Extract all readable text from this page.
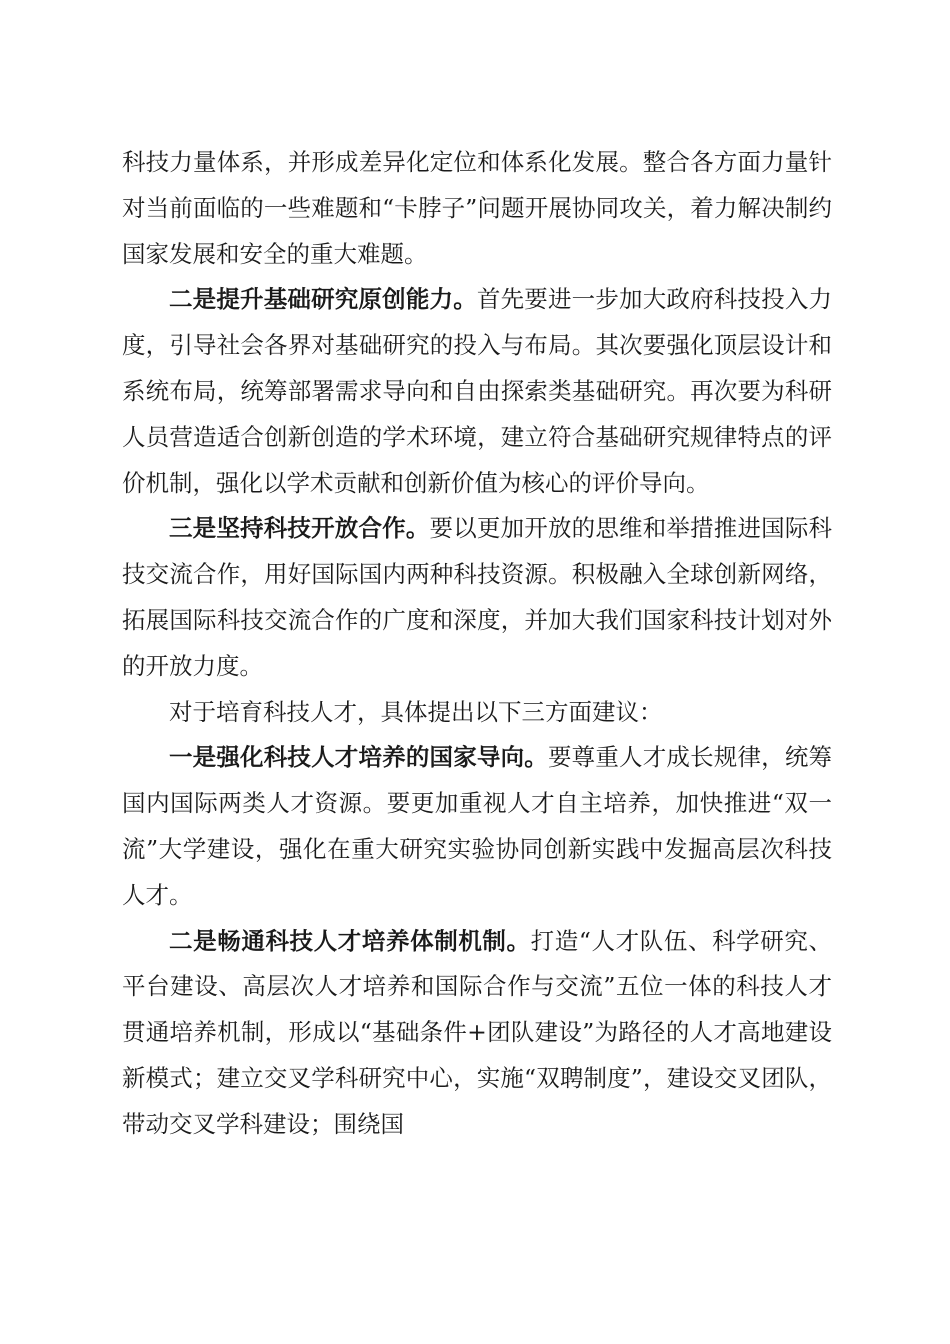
科技力量体系，并形成差异化定位和体系化发展。整合各方面力量针对当前面临的一些难题和“卡脖子”问题开展协同攻关，着力解决制约国家发展和安全的重大难题。

二是提升基础研究原创能力。首先要进一步加大政府科技投入力度，引导社会各界对基础研究的投入与布局。其次要强化顶层设计和系统布局，统筹部署需求导向和自由探索类基础研究。再次要为科研人员营造适合创新创造的学术环境，建立符合基础研究规律特点的评价机制，强化以学术贡献和创新价值为核心的评价导向。

三是坚持科技开放合作。要以更加开放的思维和举措推进国际科技交流合作，用好国际国内两种科技资源。积极融入全球创新网络，拓展国际科技交流合作的广度和深度，并加大我们国家科技计划对外的开放力度。

对于培育科技人才，具体提出以下三方面建议：

一是强化科技人才培养的国家导向。要尊重人才成长规律，统筹国内国际两类人才资源。要更加重视人才自主培养，加快推进“双一流”大学建设，强化在重大研究实验协同创新实践中发掘高层次科技人才。

二是畅通科技人才培养体制机制。打造“人才队伍、科学研究、平台建设、高层次人才培养和国际合作与交流”五位一体的科技人才贯通培养机制，形成以“基础条件+团队建设”为路径的人才高地建设新模式；建立交叉学科研究中心，实施“双聘制度”，建设交叉团队，带动交叉学科建设；围绕国
